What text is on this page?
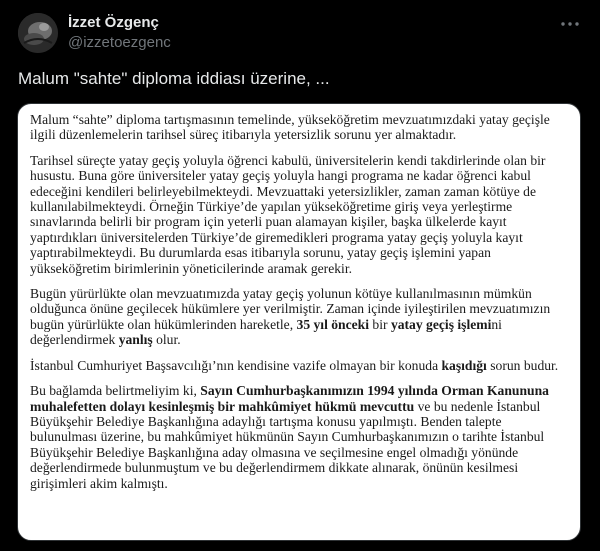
İzzet Özgenç
@izzetoezgenc
Malum "sahte" diploma iddiası üzerine, ...

Malum “sahte” diploma tartışmasının temelinde, yükseköğretim mevzuatımızdaki yatay geçişle ilgili düzenlemelerin tarihsel süreç itibarıyla yetersizlik sorunu yer almaktadır.

Tarihsel süreçte yatay geçiş yoluyla öğrenci kabulü, üniversitelerin kendi takdirlerinde olan bir husustu. Buna göre üniversiteler yatay geçiş yoluyla hangi programa ne kadar öğrenci kabul edeceğini kendileri belirleyebilmekteydi. Mevzuattaki yetersizlikler, zaman zaman kötüye de kullanılabilmekteydi. Örneğin Türkiye’de yapılan yükseköğretime giriş veya yerleştirme sınavlarında belirli bir program için yeterli puan alamayan kişiler, başka ülkelerde kayıt yaptırdıkları üniversitelerden Türkiye’de giremedikleri programa yatay geçiş yoluyla kayıt yaptırabilmekteydi. Bu durumlarda esas itibarıyla sorunu, yatay geçiş işlemini yapan yükseköğretim birimlerinin yöneticilerinde aramak gerekir.

Bugün yürürlükte olan mevzuatımızda yatay geçiş yolunun kötüye kullanılmasının mümkün olduğunca önüne geçilecek hükümlere yer verilmiştir. Zaman içinde iyileştirilen mevzuatımızın bugün yürürlükte olan hükümlerinden hareketle, 35 yıl önceki bir yatay geçiş işlemini değerlendirmek yanlış olur.

İstanbul Cumhuriyet Başsavcılığı’nın kendisine vazife olmayan bir konuda kaşıdığı sorun budur.

Bu bağlamda belirtmeliyim ki, Sayın Cumhurbaşkanımızın 1994 yılında Orman Kanununa muhalefetten dolayı kesinleşmiş bir mahkûmiyet hükmü mevcuttu ve bu nedenle İstanbul Büyükşehir Belediye Başkanlığına adaylığı tartışma konusu yapılmıştı. Benden talepte bulunulması üzerine, bu mahkûmiyet hükmünün Sayın Cumhurbaşkanımızın o tarihte İstanbul Büyükşehir Belediye Başkanlığına aday olmasına ve seçilmesine engel olmadığı yönünde değerlendirmede bulunmuştum ve bu değerlendirmem dikkate alınarak, önünün kesilmesi girişimleri akim kalmıştı.
